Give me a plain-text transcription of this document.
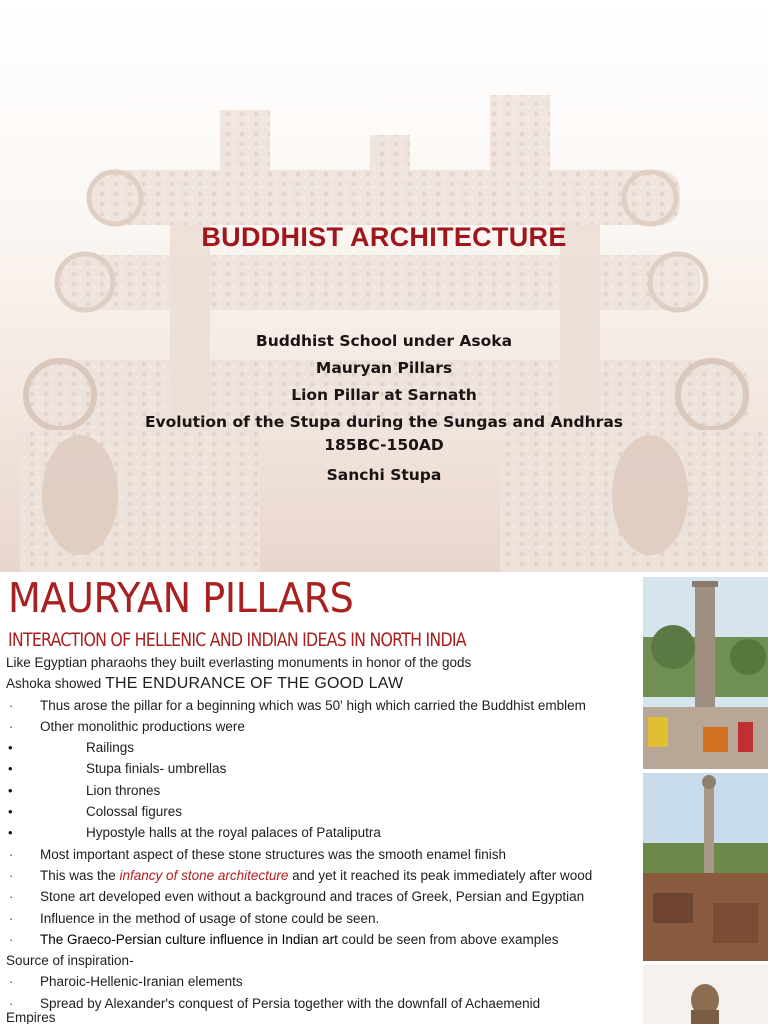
BUDDHIST ARCHITECTURE
Buddhist School under Asoka
Mauryan Pillars
Lion Pillar at Sarnath
Evolution of the Stupa during the Sungas and Andhras
185BC-150AD
Sanchi Stupa
MAURYAN PILLARS
INTERACTION OF HELLENIC AND INDIAN IDEAS IN NORTH INDIA
Like Egyptian pharaohs they built everlasting monuments in honor of the gods
Ashoka showed THE ENDURANCE OF THE GOOD LAW
· Thus arose the pillar for a beginning which was 50' high which carried the Buddhist emblem
· Other monolithic productions were
• Railings
• Stupa finials- umbrellas
• Lion thrones
• Colossal figures
• Hypostyle halls at the royal palaces of Pataliputra
· Most important aspect of these stone structures was the smooth enamel finish
· This was the infancy of stone architecture and yet it reached its peak immediately after wood
· Stone art developed even without a background and traces of Greek, Persian and Egyptian
· Influence in the method of usage of stone could be seen.
· The Graeco-Persian culture influence in Indian art could be seen from above examples
Source of inspiration-
· Pharoic-Hellenic-Iranian elements
· Spread by Alexander's conquest of Persia together with the downfall of Achaemenid
Empires
